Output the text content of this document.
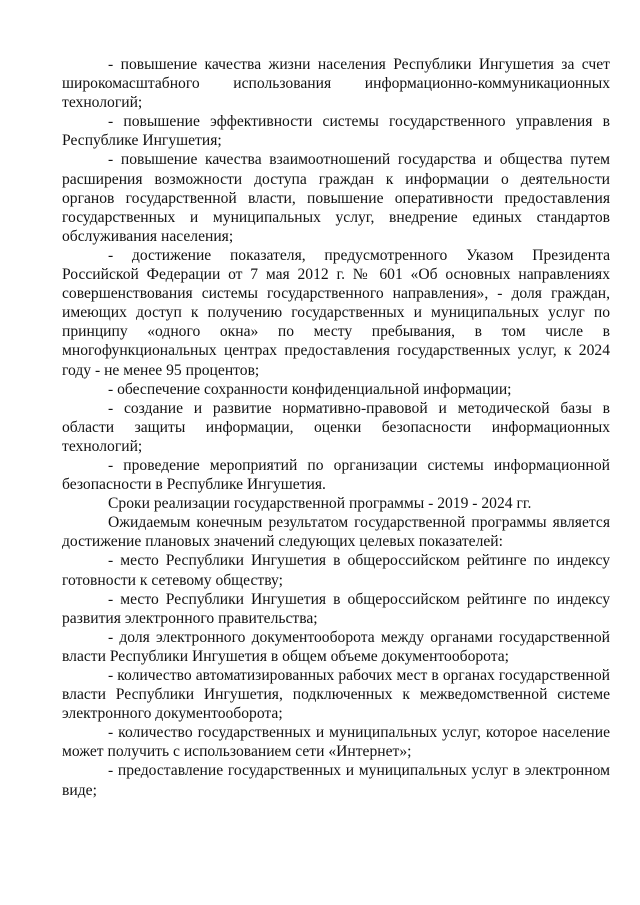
- повышение качества жизни населения Республики Ингушетия за счет широкомасштабного использования информационно-коммуникационных технологий;

- повышение эффективности системы государственного управления в Республике Ингушетия;

- повышение качества взаимоотношений государства и общества путем расширения возможности доступа граждан к информации о деятельности органов государственной власти, повышение оперативности предоставления государственных и муниципальных услуг, внедрение единых стандартов обслуживания населения;

- достижение показателя, предусмотренного Указом Президента Российской Федерации от 7 мая 2012 г. № 601 «Об основных направлениях совершенствования системы государственного направления», - доля граждан, имеющих доступ к получению государственных и муниципальных услуг по принципу «одного окна» по месту пребывания, в том числе в многофункциональных центрах предоставления государственных услуг, к 2024 году - не менее 95 процентов;

- обеспечение сохранности конфиденциальной информации;

- создание и развитие нормативно-правовой и методической базы в области защиты информации, оценки безопасности информационных технологий;

- проведение мероприятий по организации системы информационной безопасности в Республике Ингушетия.

Сроки реализации государственной программы - 2019 - 2024 гг.

Ожидаемым конечным результатом государственной программы является достижение плановых значений следующих целевых показателей:

- место Республики Ингушетия в общероссийском рейтинге по индексу готовности к сетевому обществу;

- место Республики Ингушетия в общероссийском рейтинге по индексу развития электронного правительства;

- доля электронного документооборота между органами государственной власти Республики Ингушетия в общем объеме документооборота;

- количество автоматизированных рабочих мест в органах государственной власти Республики Ингушетия, подключенных к межведомственной системе электронного документооборота;

- количество государственных и муниципальных услуг, которое население может получить с использованием сети «Интернет»;

- предоставление государственных и муниципальных услуг в электронном виде;
